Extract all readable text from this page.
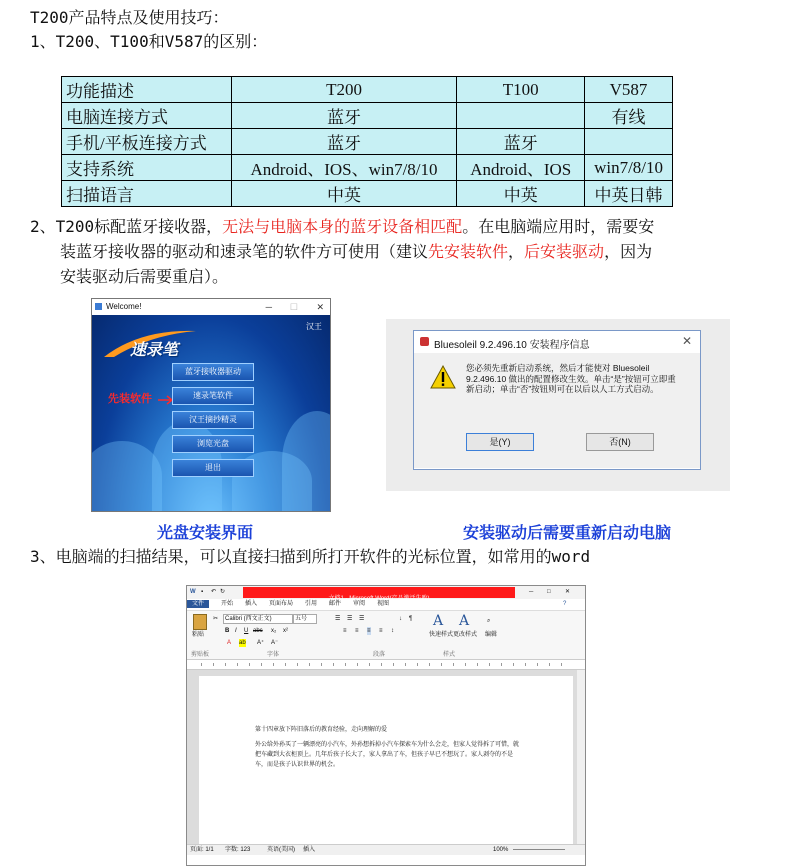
T200产品特点及使用技巧：
1、T200、T100和V587的区别：
功能描述	T200	T100	V587
电脑连接方式	蓝牙		有线
手机/平板连接方式	蓝牙	蓝牙	
支持系统	Android、IOS、win7/8/10	Android、IOS	win7/8/10
扫描语言	中英	中英	中英日韩
2、T200标配蓝牙接收器，无法与电脑本身的蓝牙设备相匹配。在电脑端应用时，需要安
装蓝牙接收器的驱动和速录笔的软件方可使用（建议先安装软件，后安装驱动，因为
安装驱动后需要重启）。
Welcome!	─ ☐ ✕
速录笔
汉王
先装软件
蓝牙接收器驱动
速录笔软件
汉王摘抄精灵
浏览光盘
退出
Bluesoleil 9.2.496.10 安装程序信息	✕
您必须先重新启动系统，然后才能使对 Bluesoleil 9.2.496.10 做出的配置修改生效。单击“是”按钮可立即重新启动；单击“否”按钮则可在以后以人工方式启动。
是(Y)	否(N)
光盘安装界面	安装驱动后需要重新启动电脑
3、电脑端的扫描结果，可以直接扫描到所打开软件的光标位置，如常用的word
W ▪ ↶ ↻	─ □ ✕
文件	开始 插入 页面布局 引用 邮件 审阅 视图	?
粘贴
✂ Calibri (西文正文)	五号
B I U abc x₂ x²
A ab A⁺ A⁻
☰ ☰ ☰
≡ ≡ ≡ ≡ ↕
↓ ¶ A A
快速样式 更改样式
⌕
编辑
剪贴板	字体	段落	样式
第十四章放下阵旧落后的教育经验，走向理解的爱
外公给外孙买了一辆漂亮的小汽车，外孙想拆掉小汽车探索车为什么会走，但家人觉得拆了可惜，就把车藏到大衣柜顶上。几年后孩子长大了，家人拿出了车，但孩子早已不想玩了。家人剥夺的不是车，而是孩子认识世界的机会。
页面: 1/1 字数: 123	英语(美国) 插入	100%
